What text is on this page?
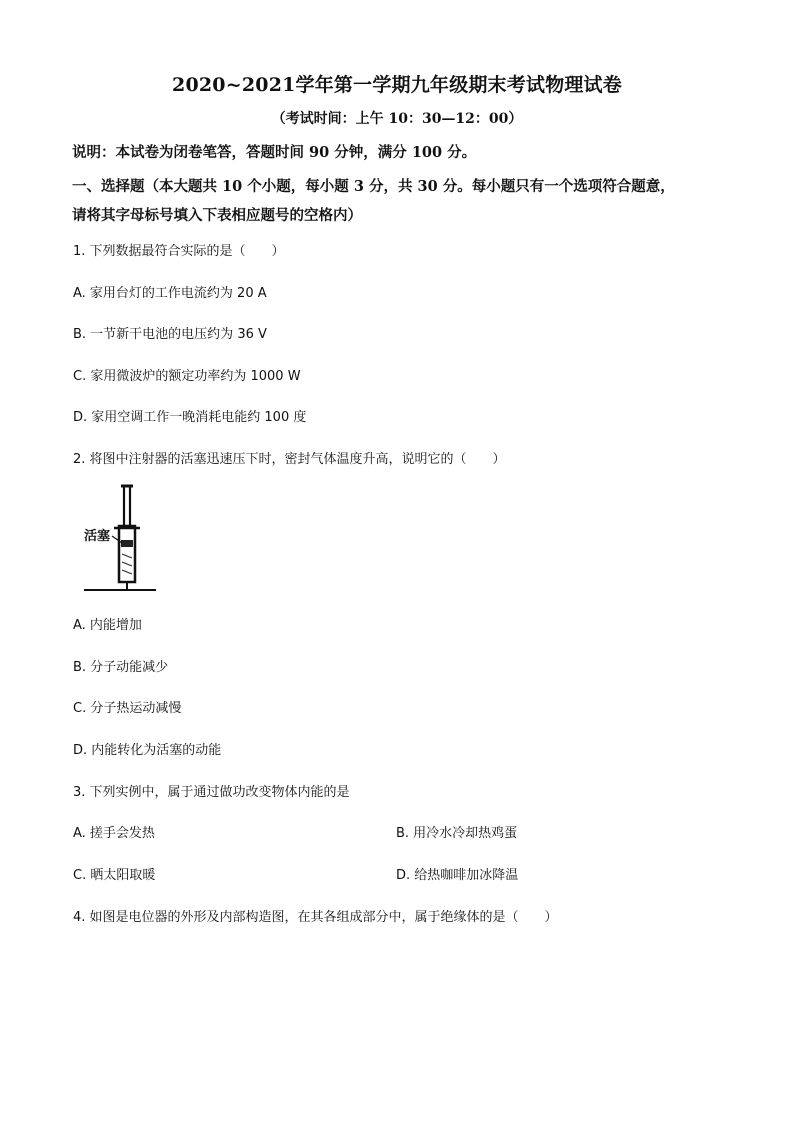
2020~2021学年第一学期九年级期末考试物理试卷
（考试时间：上午 10：30—12：00）
说明：本试卷为闭卷笔答，答题时间 90 分钟，满分 100 分。
一、选择题（本大题共 10 个小题，每小题 3 分，共 30 分。每小题只有一个选项符合题意，
请将其字母标号填入下表相应题号的空格内）
1. 下列数据最符合实际的是（　　）
A. 家用台灯的工作电流约为 20 A
B. 一节新干电池的电压约为 36 V
C. 家用微波炉的额定功率约为 1000 W
D. 家用空调工作一晚消耗电能约 100 度
2. 将图中注射器的活塞迅速压下时，密封气体温度升高，说明它的（　　）
活塞
A. 内能增加
B. 分子动能减少
C. 分子热运动减慢
D. 内能转化为活塞的动能
3. 下列实例中，属于通过做功改变物体内能的是
A. 搓手会发热	B. 用冷水冷却热鸡蛋
C. 晒太阳取暖	D. 给热咖啡加冰降温
4. 如图是电位器的外形及内部构造图，在其各组成部分中，属于绝缘体的是（　　）
